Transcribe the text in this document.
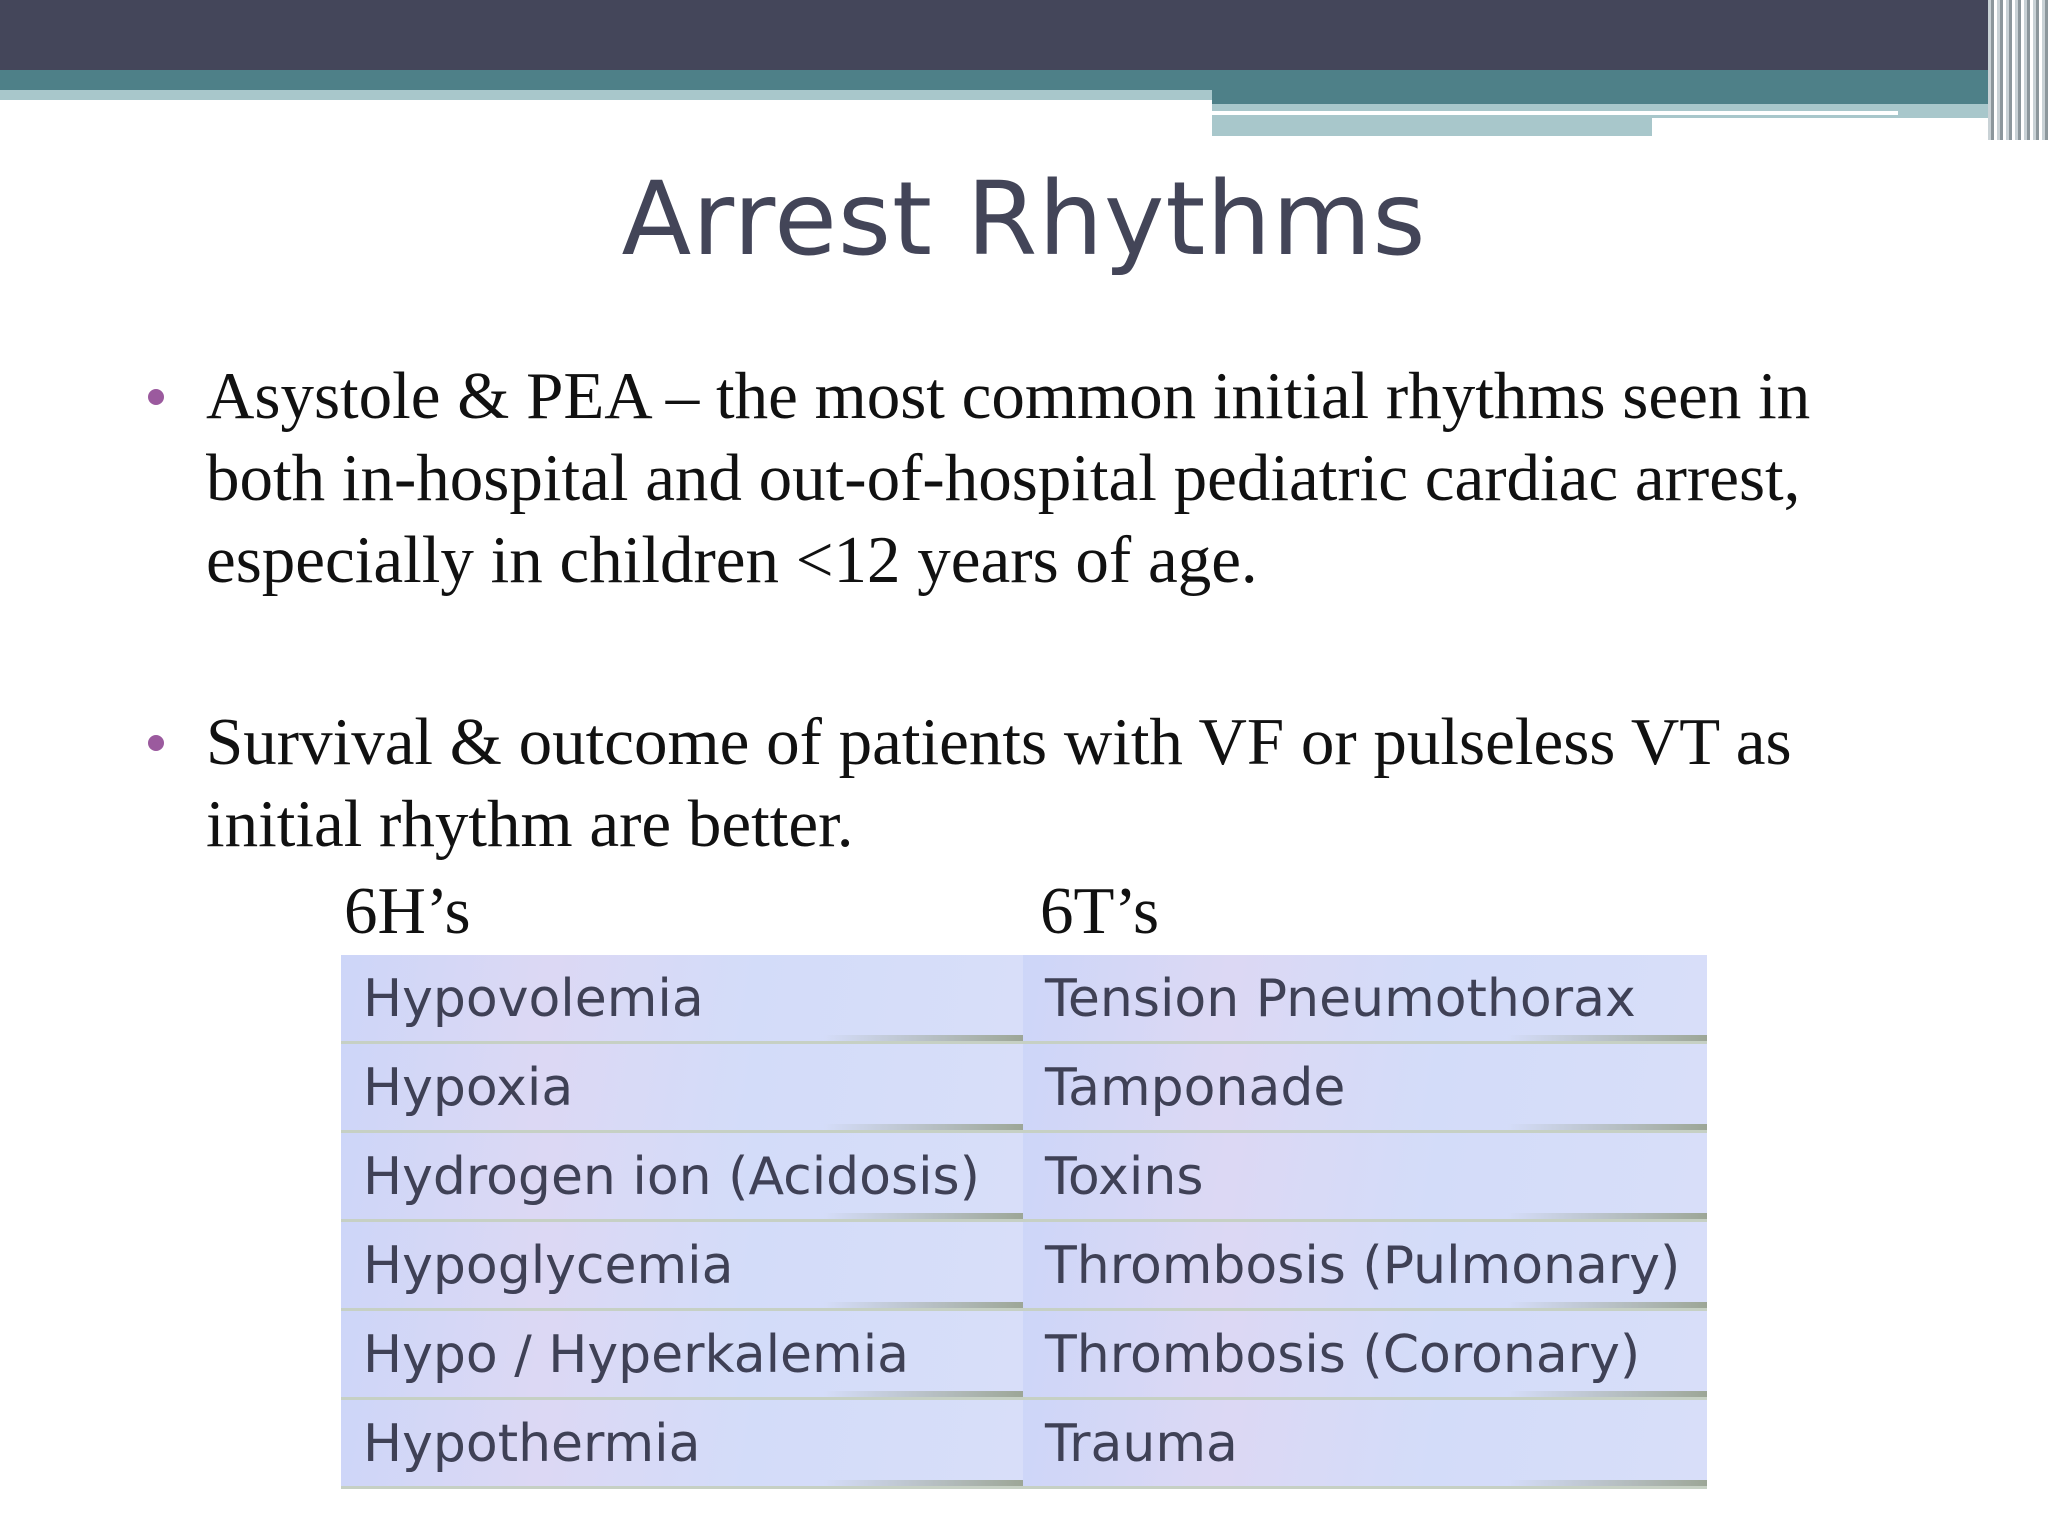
Arrest Rhythms
Asystole & PEA – the most common initial rhythms seen in both in-hospital and out-of-hospital pediatric cardiac arrest, especially in children <12 years of age.
Survival & outcome of patients with VF or pulseless VT as initial rhythm are better.
6H’s	6T’s
Hypovolemia	Tension Pneumothorax
Hypoxia	Tamponade
Hydrogen ion (Acidosis)	Toxins
Hypoglycemia	Thrombosis (Pulmonary)
Hypo / Hyperkalemia	Thrombosis (Coronary)
Hypothermia	Trauma
